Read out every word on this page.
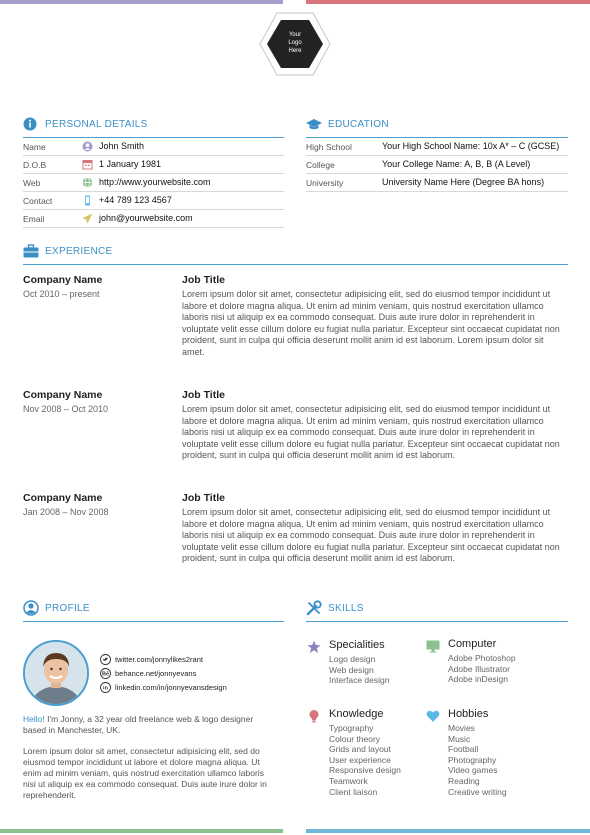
Your
Logo
Here
PERSONAL DETAILS
Name	John Smith
D.O.B	1 January 1981
Web	http://www.yourwebsite.com
Contact	+44 789 123 4567
Email	john@yourwebsite.com
EDUCATION
High School	Your High School Name: 10x A* – C (GCSE)
College	Your College Name: A, B, B (A Level)
University	University Name Here (Degree BA hons)
EXPERIENCE
Company Name
Oct 2010 – present
Job Title
Lorem ipsum dolor sit amet, consectetur adipisicing elit, sed do eiusmod tempor incididunt ut labore et dolore magna aliqua. Ut enim ad minim veniam, quis nostrud exercitation ullamco laboris nisi ut aliquip ex ea commodo consequat. Duis aute irure dolor in reprehenderit in voluptate velit esse cillum dolore eu fugiat nulla pariatur. Excepteur sint occaecat cupidatat non proident, sunt in culpa qui officia deserunt mollit anim id est laborum. Lorem ipsum dolor sit amet.
Company Name
Nov 2008 – Oct 2010
Job Title
Lorem ipsum dolor sit amet, consectetur adipisicing elit, sed do eiusmod tempor incididunt ut labore et dolore magna aliqua. Ut enim ad minim veniam, quis nostrud exercitation ullamco laboris nisi ut aliquip ex ea commodo consequat. Duis aute irure dolor in reprehenderit in voluptate velit esse cillum dolore eu fugiat nulla pariatur. Excepteur sint occaecat cupidatat non proident, sunt in culpa qui officia deserunt mollit anim id est laborum.
Company Name
Jan 2008 – Nov 2008
Job Title
Lorem ipsum dolor sit amet, consectetur adipisicing elit, sed do eiusmod tempor incididunt ut labore et dolore magna aliqua. Ut enim ad minim veniam, quis nostrud exercitation ullamco laboris nisi ut aliquip ex ea commodo consequat. Duis aute irure dolor in reprehenderit in voluptate velit esse cillum dolore eu fugiat nulla pariatur. Excepteur sint occaecat cupidatat non proident, sunt in culpa qui officia deserunt mollit anim id est laborum.
PROFILE
twitter.com/jonnylikes2rant
Bē behance.net/jonnyevans
in linkedin.com/in/jonnyevansdesign
Hello! I'm Jonny, a 32 year old freelance web & logo designer based in Manchester, UK.
Lorem ipsum dolor sit amet, consectetur adipisicing elit, sed do eiusmod tempor incididunt ut labore et dolore magna aliqua. Ut enim ad minim veniam, quis nostrud exercitation ullamco laboris nisi ut aliquip ex ea commodo consequat. Duis aute irure dolor in reprehenderit.
SKILLS
Specialities
Logo design
Web design
Interface design
Computer
Adobe Photoshop
Adobe Illustrator
Adobe inDesign
Knowledge
Typography
Colour theory
Grids and layout
User experience
Responsive design
Teamwork
Client liaison
Hobbies
Movies
Music
Football
Photography
Video games
Reading
Creative writing
